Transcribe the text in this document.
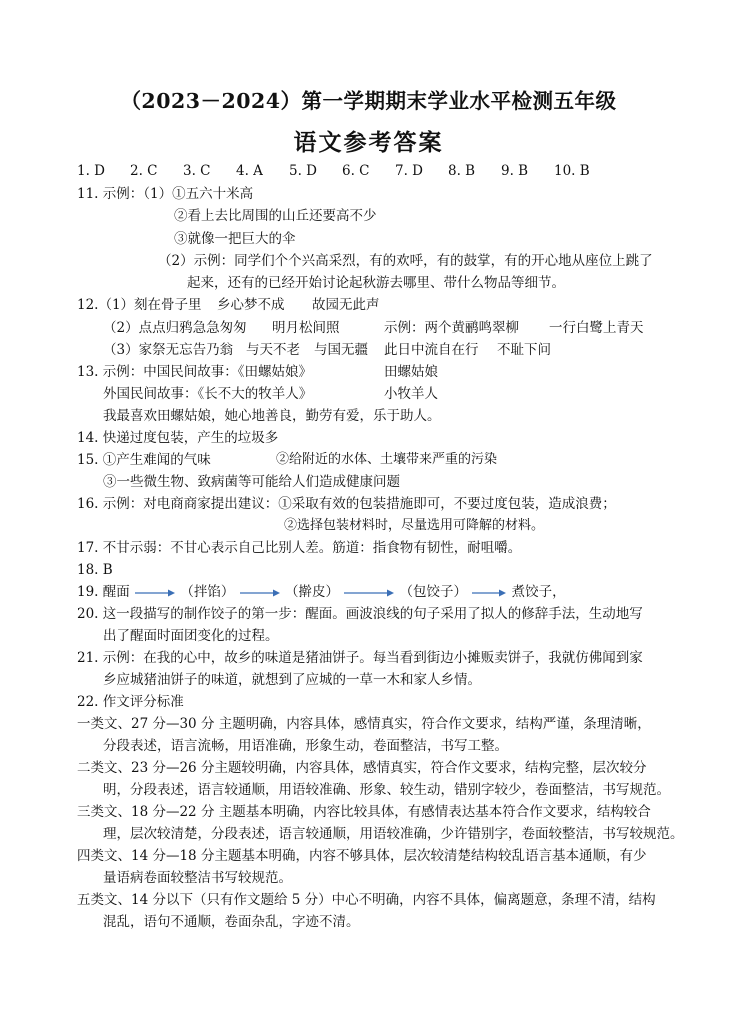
（2023－2024）第一学期期末学业水平检测五年级
语文参考答案
1. D 2. C 3. C 4. A 5. D 6. C 7. D 8. B 9. B 10. B
11. 示例：（1）①五六十米高
②看上去比周围的山丘还要高不少
③就像一把巨大的伞
（2）示例：同学们个个兴高采烈，有的欢呼，有的鼓掌，有的开心地从座位上跳了
起来，还有的已经开始讨论起秋游去哪里、带什么物品等细节。
12.（1）刻在骨子里 乡心梦不成 故园无此声
（2）点点归鸦急急匆匆 明月松间照	示例：两个黄鹂鸣翠柳 一行白鹭上青天
（3）家祭无忘告乃翁 与天不老 与国无疆 此日中流自在行 不耻下问
13. 示例：中国民间故事：《田螺姑娘》	田螺姑娘
外国民间故事：《长不大的牧羊人》	小牧羊人
我最喜欢田螺姑娘，她心地善良，勤劳有爱，乐于助人。
14. 快递过度包装，产生的垃圾多
15. ①产生难闻的气味	②给附近的水体、土壤带来严重的污染
③一些微生物、致病菌等可能给人们造成健康问题
16. 示例：对电商商家提出建议：①采取有效的包装措施即可，不要过度包装，造成浪费；
②选择包装材料时，尽量选用可降解的材料。
17. 不甘示弱：不甘心表示自己比别人差。筋道：指食物有韧性，耐咀嚼。
18. B
19. 醒面	（拌馅）	（擀皮）	（包饺子）	煮饺子，
20. 这一段描写的制作饺子的第一步：醒面。画波浪线的句子采用了拟人的修辞手法，生动地写
出了醒面时面团变化的过程。
21. 示例：在我的心中，故乡的味道是猪油饼子。每当看到街边小摊贩卖饼子，我就仿佛闻到家
乡应城猪油饼子的味道，就想到了应城的一草一木和家人乡情。
22. 作文评分标准
一类文、27 分—30 分 主题明确，内容具体，感情真实，符合作文要求，结构严谨，条理清晰，
分段表述，语言流畅，用语准确，形象生动，卷面整洁，书写工整。
二类文、23 分—26 分主题较明确，内容具体，感情真实，符合作文要求，结构完整，层次较分
明，分段表述，语言较通顺，用语较准确、形象、较生动，错别字较少，卷面整洁，书写规范。
三类文、18 分—22 分 主题基本明确，内容比较具体，有感情表达基本符合作文要求，结构较合
理，层次较清楚，分段表述，语言较通顺，用语较准确，少许错别字，卷面较整洁，书写较规范。
四类文、14 分—18 分主题基本明确，内容不够具体，层次较清楚结构较乱语言基本通顺，有少
量语病卷面较整洁书写较规范。
五类文、14 分以下（只有作文题给 5 分）中心不明确，内容不具体，偏离题意，条理不清，结构
混乱，语句不通顺，卷面杂乱，字迹不清。
